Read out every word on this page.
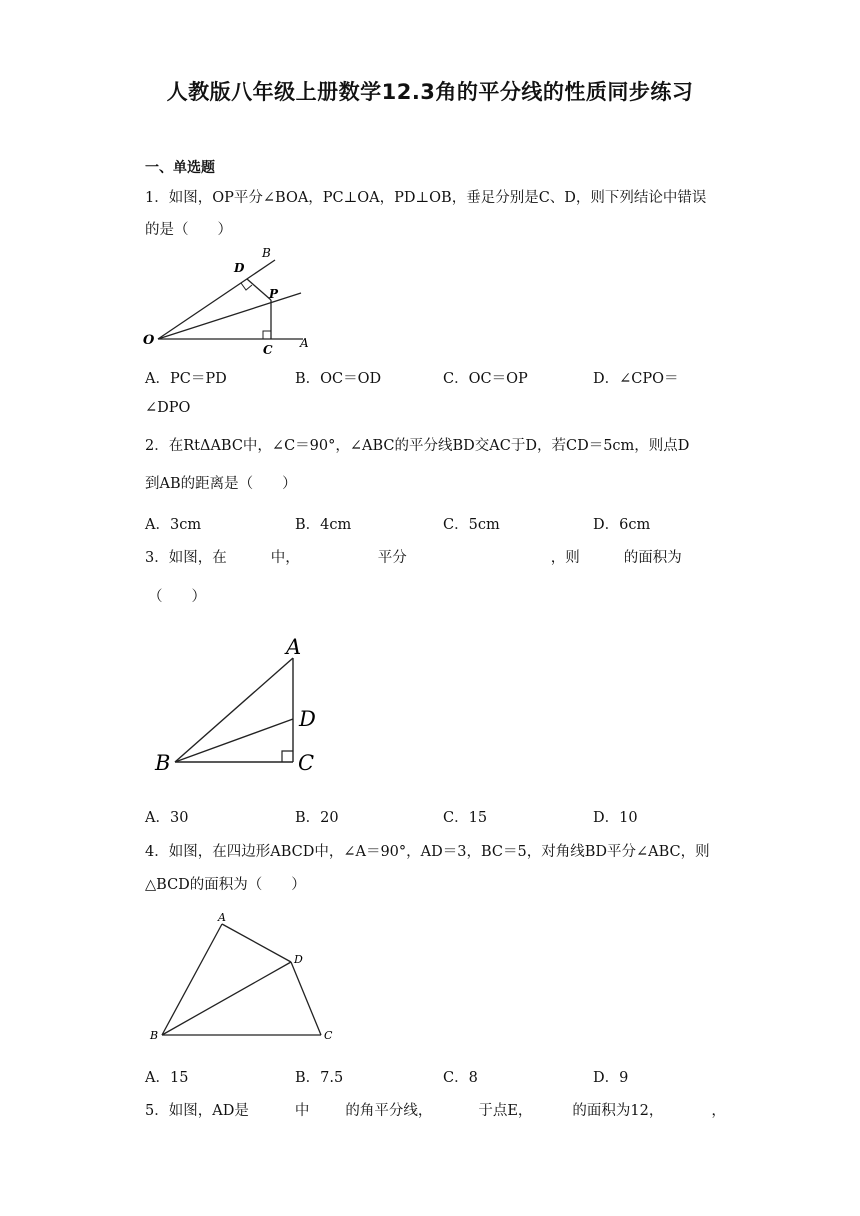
人教版八年级上册数学12.3角的平分线的性质同步练习
一、单选题
1．如图，OP平分∠BOA，PC⊥OA，PD⊥OB，垂足分别是C、D，则下列结论中错误
的是（　　）
O	A
B
C
D
P
A．PC＝PD	B．OC＝OD	C．OC＝OP	D．∠CPO＝
∠DPO
2．在RtΔABC中，∠C＝90°，∠ABC的平分线BD交AC于D，若CD＝5cm，则点D
到AB的距离是（　　）
A．3cm	B．4cm	C．5cm	D．6cm
3．如图，在	中，	平分	，则	的面积为
（　　）
A
B	C
D
A．30	B．20	C．15	D．10
4．如图，在四边形ABCD中，∠A＝90°，AD＝3，BC＝5，对角线BD平分∠ABC，则
△BCD的面积为（　　）
A
B	C
D
A．15	B．7.5	C．8	D．9
5．如图，AD是	中 的角平分线，	于点E，	的面积为12，	，
